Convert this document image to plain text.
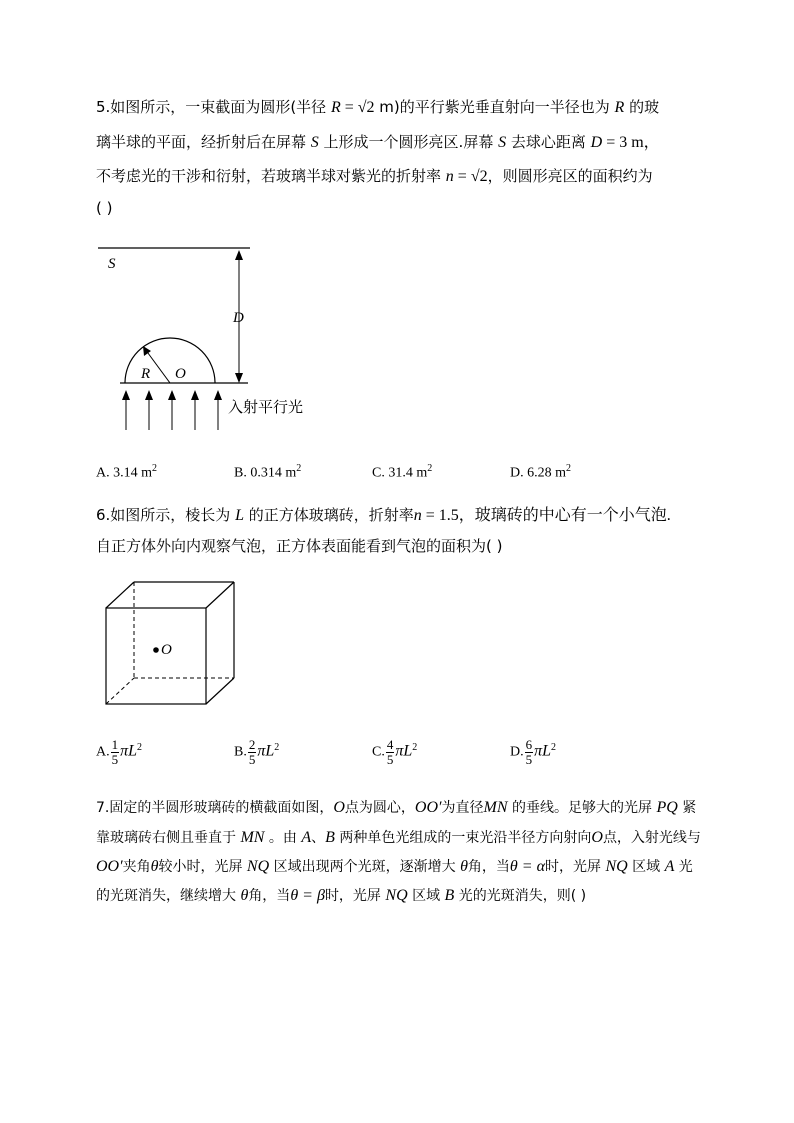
5.如图所示，一束截面为圆形(半径 R = √2 m)的平行紫光垂直射向一半径也为 R 的玻
璃半球的平面，经折射后在屏幕 S 上形成一个圆形亮区.屏幕 S 去球心距离 D = 3 m，
不考虑光的干涉和衍射，若玻璃半球对紫光的折射率 n = √2，则圆形亮区的面积约为
( )
S
D
R O
入射平行光
A. 3.14 $m^2$	B. 0.314 $m^2$	C. 31.4 $m^2$	D. 6.28 $m^2$
6.如图所示，棱长为 L 的正方体玻璃砖，折射率n = 1.5，玻璃砖的中心有一个小气泡.
自正方体外向内观察气泡，正方体表面能看到气泡的面积为( )
O
A. $\frac{1}{5} \pi L^2$	B. $\frac{2}{5} \pi L^2$	C. $\frac{4}{5} \pi L^2$	D. $\frac{6}{5} \pi L^2$
7.固定的半圆形玻璃砖的横截面如图，O点为圆心，OO′为直径MN 的垂线。足够大的光屏 PQ 紧
靠玻璃砖右侧且垂直于 MN 。由 A、B 两种单色光组成的一束光沿半径方向射向O点，入射光线与
OO′夹角θ较小时，光屏 NQ 区域出现两个光斑，逐渐增大 θ角，当θ = α时，光屏 NQ 区域 A 光
的光斑消失，继续增大 θ角，当θ = β时，光屏 NQ 区域 B 光的光斑消失，则( )
